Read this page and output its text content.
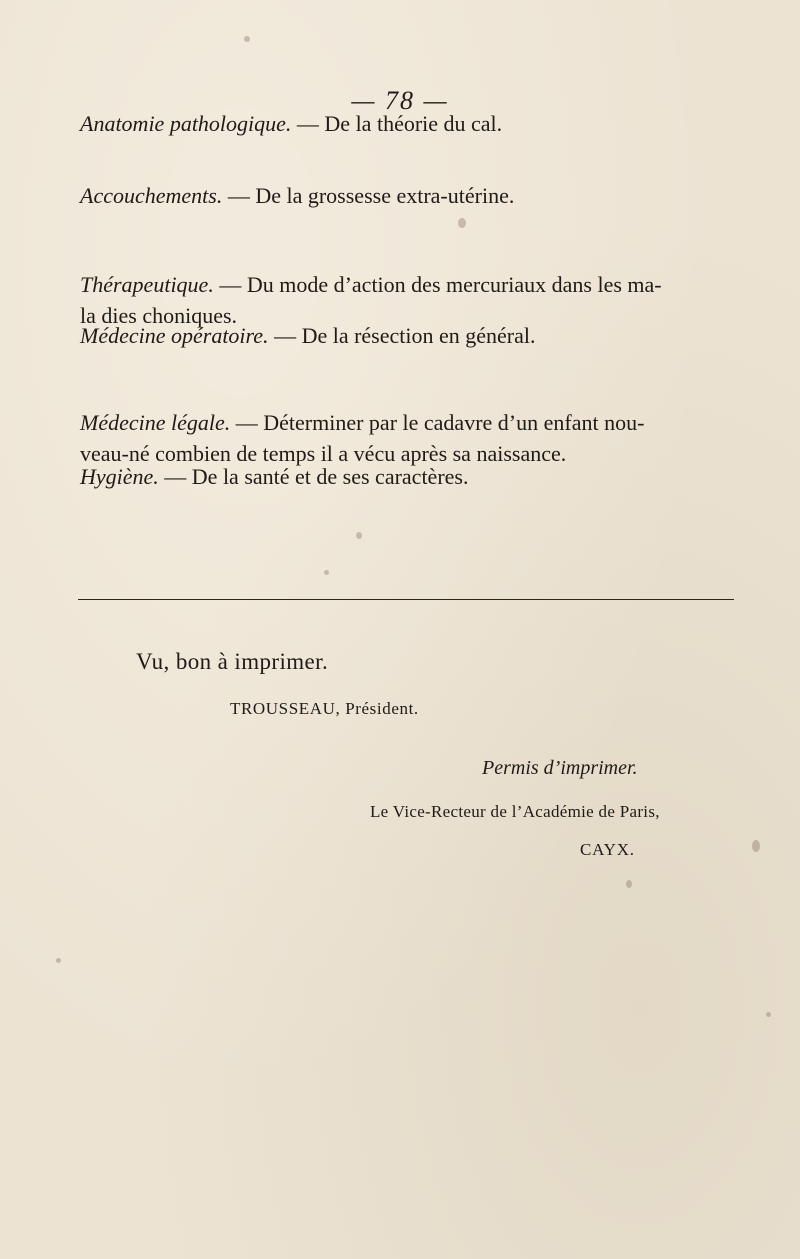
— 78 —

Anatomie pathologique. — De la théorie du cal.

Accouchements. — De la grossesse extra-utérine.

Thérapeutique. — Du mode d’action des mercuriaux dans les ma-
la dies choniques.

Médecine opératoire. — De la résection en général.

Médecine légale. — Déterminer par le cadavre d’un enfant nou-
veau-né combien de temps il a vécu après sa naissance.

Hygiène. — De la santé et de ses caractères.

Vu, bon à imprimer.
TROUSSEAU, Président.
Permis d’imprimer.
Le Vice-Recteur de l’Académie de Paris,
CAYX.
